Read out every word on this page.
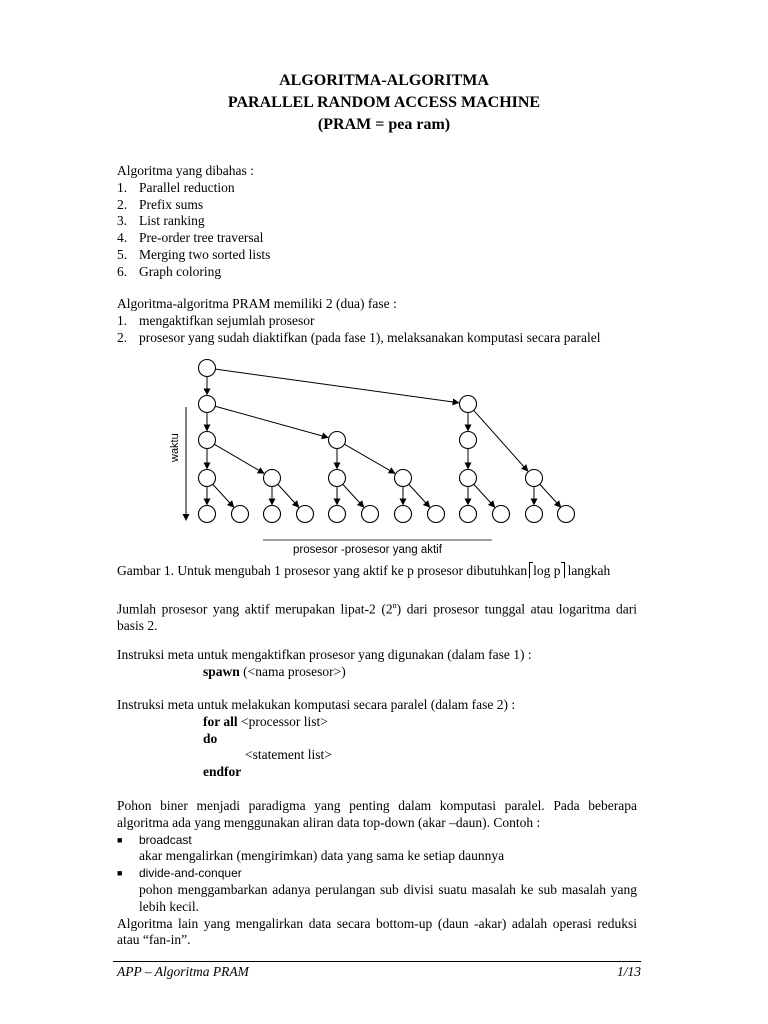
ALGORITMA-ALGORITMA
PARALLEL RANDOM ACCESS MACHINE
(PRAM = pea ram)
Algoritma yang dibahas :
1. Parallel reduction
2. Prefix sums
3. List ranking
4. Pre-order tree traversal
5. Merging two sorted lists
6. Graph coloring
Algoritma-algoritma PRAM memiliki 2 (dua) fase :
1. mengaktifkan sejumlah prosesor
2. prosesor yang sudah diaktifkan (pada fase 1), melaksanakan komputasi secara paralel
waktu
prosesor -prosesor yang aktif
Gambar 1. Untuk mengubah 1 prosesor yang aktif ke p prosesor dibutuhkan log p langkah
Jumlah prosesor yang aktif merupakan lipat-2 (2$^n$) dari prosesor tunggal atau logaritma dari basis 2.
Instruksi meta untuk mengaktifkan prosesor yang digunakan (dalam fase 1) :
spawn (<nama prosesor>)
Instruksi meta untuk melakukan komputasi secara paralel (dalam fase 2) :
for all <processor list>
do
<statement list>
endfor
Pohon biner menjadi paradigma yang penting dalam komputasi paralel. Pada beberapa algoritma ada yang menggunakan aliran data top-down (akar –daun). Contoh :
■	broadcast
akar mengalirkan (mengirimkan) data yang sama ke setiap daunnya
■	divide-and-conquer
pohon menggambarkan adanya perulangan sub divisi suatu masalah ke sub masalah yang lebih kecil.
Algoritma lain yang mengalirkan data secara bottom-up (daun -akar) adalah operasi reduksi atau “fan-in”.
APP – Algoritma PRAM	1/13
